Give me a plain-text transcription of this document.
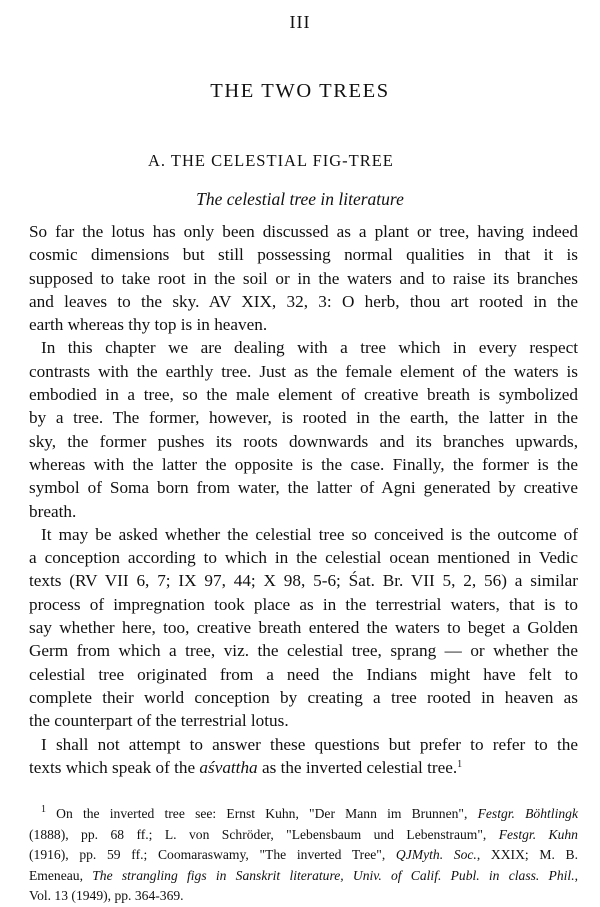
III
THE TWO TREES
A. THE CELESTIAL FIG-TREE
The celestial tree in literature
So far the lotus has only been discussed as a plant or tree, having indeed
cosmic dimensions but still possessing normal qualities in that it is
supposed to take root in the soil or in the waters and to raise its branches
and leaves to the sky. AV XIX, 32, 3: O herb, thou art rooted in the
earth whereas thy top is in heaven.
In this chapter we are dealing with a tree which in every respect
contrasts with the earthly tree. Just as the female element of the waters is
embodied in a tree, so the male element of creative breath is symbolized
by a tree. The former, however, is rooted in the earth, the latter in the
sky, the former pushes its roots downwards and its branches upwards,
whereas with the latter the opposite is the case. Finally, the former is the
symbol of Soma born from water, the latter of Agni generated by creative
breath.
It may be asked whether the celestial tree so conceived is the outcome of
a conception according to which in the celestial ocean mentioned in Vedic
texts (RV VII 6, 7; IX 97, 44; X 98, 5-6; Śat. Br. VII 5, 2, 56) a similar
process of impregnation took place as in the terrestrial waters, that is to
say whether here, too, creative breath entered the waters to beget a Golden
Germ from which a tree, viz. the celestial tree, sprang — or whether the
celestial tree originated from a need the Indians might have felt to
complete their world conception by creating a tree rooted in heaven as
the counterpart of the terrestrial lotus.
I shall not attempt to answer these questions but prefer to refer to the
texts which speak of the aśvattha as the inverted celestial tree.$^1$
$^1$ On the inverted tree see: Ernst Kuhn, "Der Mann im Brunnen", Festgr. Böhtlingk
(1888), pp. 68 ff.; L. von Schröder, "Lebensbaum und Lebenstraum", Festgr. Kuhn
(1916), pp. 59 ff.; Coomaraswamy, "The inverted Tree", QJMyth. Soc., XXIX; M. B.
Emeneau, The strangling figs in Sanskrit literature, Univ. of Calif. Publ. in class. Phil.,
Vol. 13 (1949), pp. 364-369.
